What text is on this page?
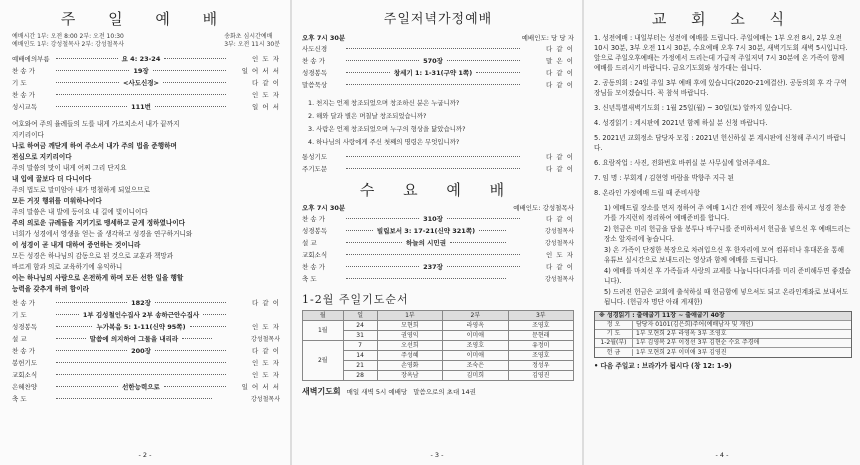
주 일 예 배
예배시간 1부: 오전 8:00 2부: 오전 10:30
예배인도 1부: 강성철목사 2부: 강성철목사
송화초 심시간예배
3부: 오전 11시 30분
예배에의부름	요 4: 23-24	인 도 자
찬 송 가	19장	일 어 서 서
기 도	<사도신경>	다 같 이
찬 송 가	인 도 자
성시교독	111번	일 어 서
여호와여 주의 율례들의 도를 내게 가르치소서 내가 끝까지
지키리이다
나로 하여금 깨닫게 하여 주소서 내가 주의 법을 준행하며
전심으로 지키리이다
주의 말씀의 맛이 내게 어찌 그리 단지요
내 입에 꿀보다 더 다니이다
주의 법도로 말미암아 내가 명철하게 되었으므로
모든 거짓 행위를 미워하나이다
주의 말씀은 내 발에 등이요 내 길에 빛이니이다
주의 의로운 규례들을 지키기로 맹세하고 굳게 정하였나이다
너희가 성경에서 영생을 얻는 줄 생각하고 성경을 연구하거니와
이 성경이 곧 내게 대하여 증언하는 것이니라
모든 성경은 하나님의 감동으로 된 것으로 교훈과 책망과
바르게 함과 의로 교육하기에 유익하니
이는 하나님의 사람으로 온전하게 하며 모든 선한 일을 행할
능력을 갖추게 하려 함이라
찬 송 가	182장	다 같 이
기 도	1부 김성철인수집사 2부 송하근안수집사
성경봉독	누가복음 5: 1-11(신약 95쪽)	인 도 자
설 교	말씀에 의지하여 그물을 내리라	강성철목사
찬 송 가	200장	다 같 이
봉헌기도	인 도 자
교회소식	인 도 자
은혜찬양	선한능력으로	일 어 서 서
축 도	강성철목사
- 2 -
주일저녁가정예배
오후 7시 30분	예배인도: 당 당 자
사도신경	다 같 이
찬 송 가	570장	말 은 이
성경봉독	창세기 1: 1-31(구약 1쪽)	다 같 이
말씀묵상	다 같 이
1. 천지는 언제 창조되었으며 창조하신 분은 누굽니까?
2. 해와 달과 별은 며칠날 창조되었습니까?
3. 사람은 언제 창조되었으며 누구의 형상을 닮았습니까?
4. 하나님의 사랑에게 주신 첫째의 명령은 무엇입니까?
통성기도	다 같 이
주기도문	다 같 이
수 요 예 배
오후 7시 30분	예배인도: 강성철목사
찬 송 가	310장	다 같 이
성경봉독	빌립보서 3: 17-21(신약 321쪽)	강성철목사
설 교	하늘의 시민권	강성철목사
교회소식	인 도 자
찬 송 가	237장	다 같 이
축 도	강성철목사
1-2월 주일기도순서
월	일	1부	2부	3부
1월	24	모현희	라영옥	조영호
	31	권영익	이미애	문현래
2월	7	오선희	조영호	유정미
	14	주성혜	이미애	조영호
	21	손영화	조숙은	정성우
	28	장옥남	김미희	김영진
새벽기도회 매일 새벽 5시 예배당 말씀으로의 초대 14권
- 3 -
교 회 소 식
1. 성전예배 : 내일부터는 성전에 예배를 드립니다. 주일예배는 1부 오전 8시, 2부 오전 10시 30분, 3부 오전 11시 30분, 수요예배 오후 7시 30분, 새벽기도회 새벽 5시입니다. 앞으로 주일오후예배는 가정에서 드리는데 가급적 주일저녁 7시 30분에 온 가족이 함께 예배를 드리시기 바랍니다. 금요기도회와 성가대는 쉽니다.
2. 공동의회 : 24일 주일 3부 예배 후에 있습니다(2020-21예결산). 공동의회 후 각 구역장님들 모이겠습니다. 꼭 참석 바랍니다.
3. 신년특별새벽기도회 : 1월 25일(월) ~ 30일(토) 알까지 있습니다.
4. 성경읽기 : 계시판에 2021년 함께 하실 분 신청 바랍니다.
5. 2021년 교회정소 담당자 모집 : 2021년 헌신하실 분 계시판에 신청해 주시기 바랍니다.
6. 요람작업 : 사진, 전화번호 바뀌실 분 사무실에 알려주세요.
7. 임 명 : 부회계 / 김현영 바람을 박향주 지극 된
8. 온라인 가정에배 드릴 때 준비사항
1) 예배드릴 장소를 먼저 정하여 주 예배 1시간 전에 깨끗이 청소를 하시고 성경 찬송가를 가지런히 정리하여 예배준비를 합니다.
2) 헌금은 미리 헌금을 담을 봉투나 바구니를 준비하셔서 헌금을 넣으신 후 예배드리는 장소 앞자리에 놓습니다.
3) 온 가족이 단정한 복장으로 차려입으신 후 한자리에 모여 컴퓨터나 휴대폰을 통해 유튜브 실시간으로 보내드리는 영상과 함께 예배를 드립니다.
4) 예배를 마치신 후 가족들과 사랑의 교제를 나눕니다(다과를 미리 준비해두면 좋겠습니다).
5) 드려진 헌금은 교회에 출석하실 때 헌금함에 넣으셔도 되고 온라인계좌로 보내셔도 됩니다. (헌금자 명단 아래 게재한)
※ 성경읽기 : 출애굽기 11장 ~ 출애굽기 40장
정 오	담당자 0101(김은희)주어(예배남자 및 개인)
기 도	1부 모현희 2부 라영옥 3부 조영호
1-2월(부)	1부 김영복 2부 이정선 3부 김현순 수요 주경애
헌 금	1부 모현희 2부 이미애 3부 김영진
• 다음 주일교 : 브라가가 됩시다 (창 12: 1-9)
- 4 -
